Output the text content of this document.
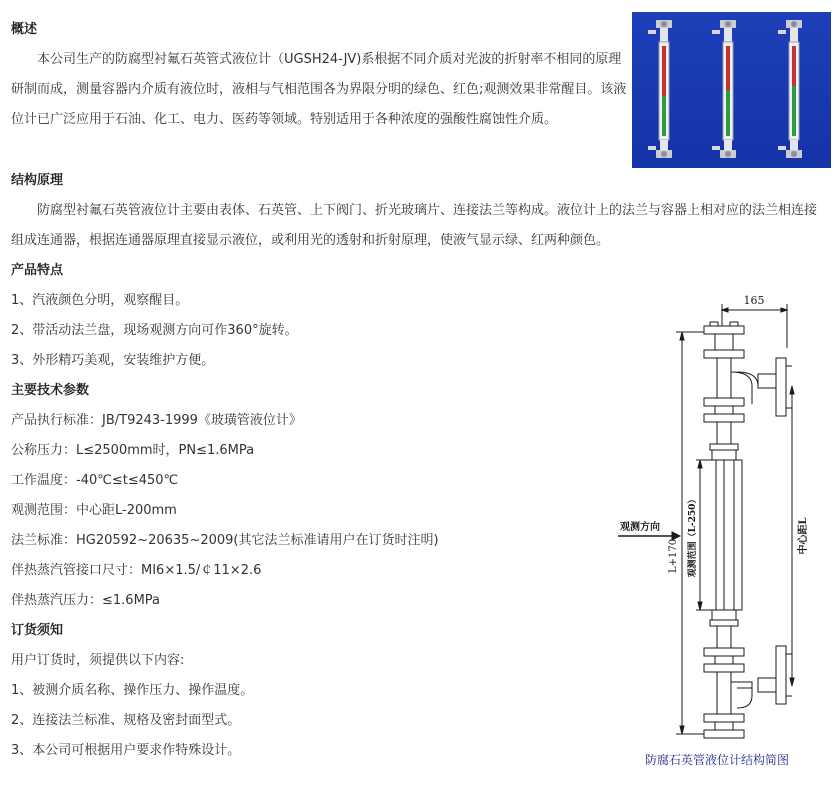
概述
本公司生产的防腐型衬氟石英管式液位计（UGSH24-JV)系根据不同介质对光波的折射率不相同的原理
研制而成，测量容器内介质有液位时，液相与气相范围各为界限分明的绿色、红色;观测效果非常醒目。该液
位计已广泛应用于石油、化工、电力、医药等领域。特别适用于各种浓度的强酸性腐蚀性介质。
结构原理
防腐型衬氟石英管液位计主要由表体、石英管、上下阀门、折光玻璃片、连接法兰等构成。液位计上的法兰与容器上相对应的法兰相连接
组成连通器，根据连通器原理直接显示液位，或利用光的透射和折射原理，使液气显示绿、红两种颜色。
产品特点
1、汽液颜色分明，观察醒目。
2、带活动法兰盘，现场观测方向可作360°旋转。
3、外形精巧美观，安装维护方便。
主要技术参数
产品执行标准：JB/T9243-1999《玻璜管液位计》
公称压力：L≤2500mm时，PN≤1.6MPa
工作温度：-40℃≤t≤450℃
观测范围：中心距L-200mm
法兰标准：HG20592~20635~2009(其它法兰标准请用户在订货时注明)
伴热蒸汽管接口尺寸：MI6×1.5/￠11×2.6
伴热蒸汽压力：≤1.6MPa
订货须知
用户订货时，须提供以下内容:
1、被测介质名称、操作压力、操作温度。
2、连接法兰标准、规格及密封面型式。
3、本公司可根据用户要求作特殊设计。
165
观测方向
L+170 观测范围（L-250）	中心距L
防腐石英管液位计结构简图
